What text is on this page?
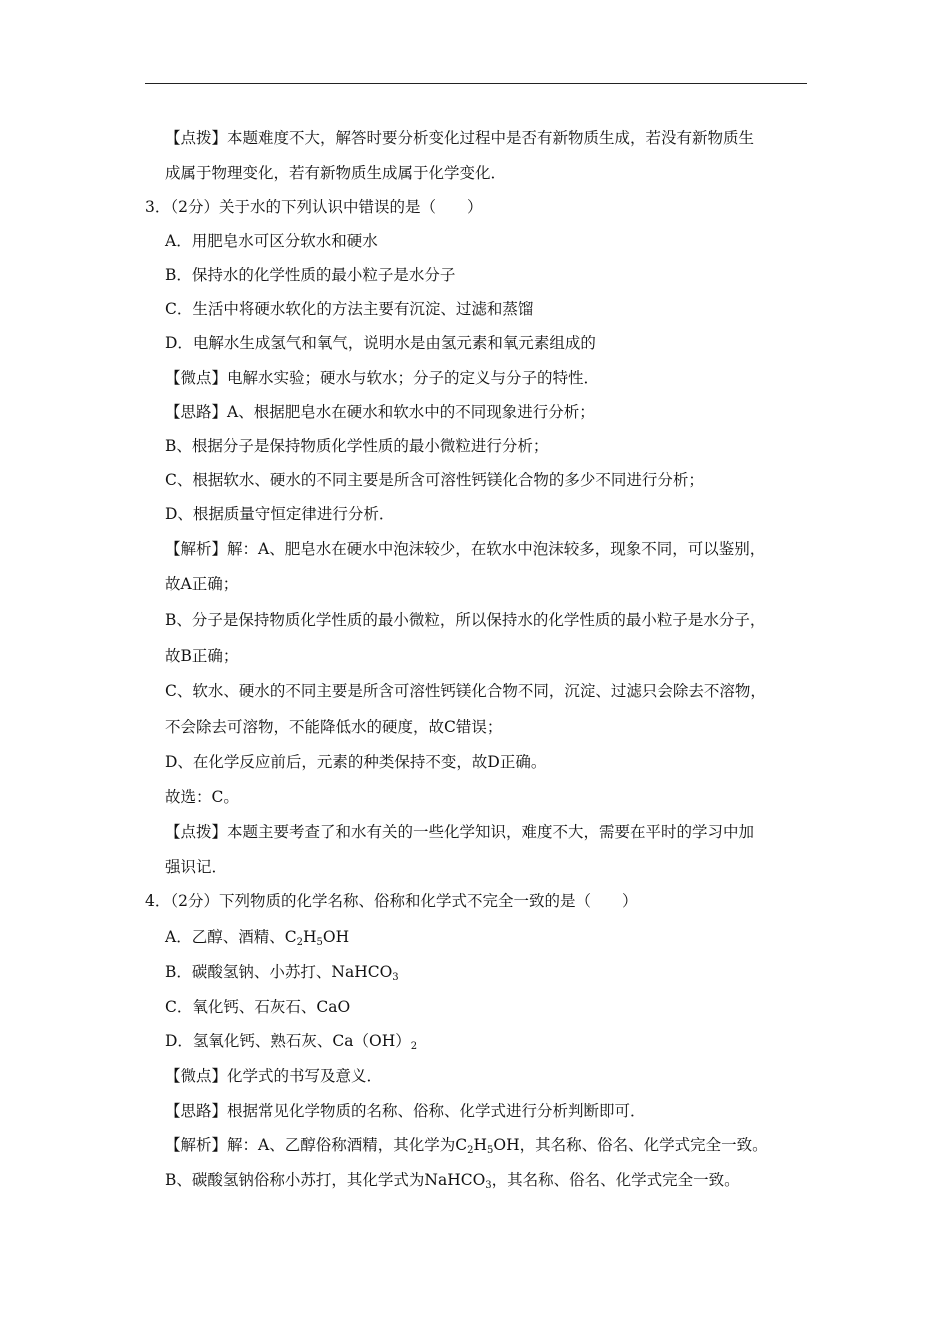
【点拨】本题难度不大，解答时要分析变化过程中是否有新物质生成，若没有新物质生
成属于物理变化，若有新物质生成属于化学变化．
3．（2分）关于水的下列认识中错误的是（　　）
A．用肥皂水可区分软水和硬水
B．保持水的化学性质的最小粒子是水分子
C．生活中将硬水软化的方法主要有沉淀、过滤和蒸馏
D．电解水生成氢气和氧气，说明水是由氢元素和氧元素组成的
【微点】电解水实验；硬水与软水；分子的定义与分子的特性．
【思路】A、根据肥皂水在硬水和软水中的不同现象进行分析；
B、根据分子是保持物质化学性质的最小微粒进行分析；
C、根据软水、硬水的不同主要是所含可溶性钙镁化合物的多少不同进行分析；
D、根据质量守恒定律进行分析．
【解析】解：A、肥皂水在硬水中泡沫较少，在软水中泡沫较多，现象不同，可以鉴别，
故A正确；
B、分子是保持物质化学性质的最小微粒，所以保持水的化学性质的最小粒子是水分子，
故B正确；
C、软水、硬水的不同主要是所含可溶性钙镁化合物不同，沉淀、过滤只会除去不溶物，
不会除去可溶物，不能降低水的硬度，故C错误；
D、在化学反应前后，元素的种类保持不变，故D正确。
故选：C。
【点拨】本题主要考查了和水有关的一些化学知识，难度不大，需要在平时的学习中加
强识记．
4．（2分）下列物质的化学名称、俗称和化学式不完全一致的是（　　）
A．乙醇、酒精、$C_2H_5OH$
B．碳酸氢钠、小苏打、NaHCO$_3$
C．氧化钙、石灰石、CaO
D．氢氧化钙、熟石灰、$Ca(OH)_2$
【微点】化学式的书写及意义．
【思路】根据常见化学物质的名称、俗称、化学式进行分析判断即可．
【解析】解：A、乙醇俗称酒精，其化学为$C_2H_5OH$，其名称、俗名、化学式完全一致。
B、碳酸氢钠俗称小苏打，其化学式为NaHCO$_3$，其名称、俗名、化学式完全一致。
